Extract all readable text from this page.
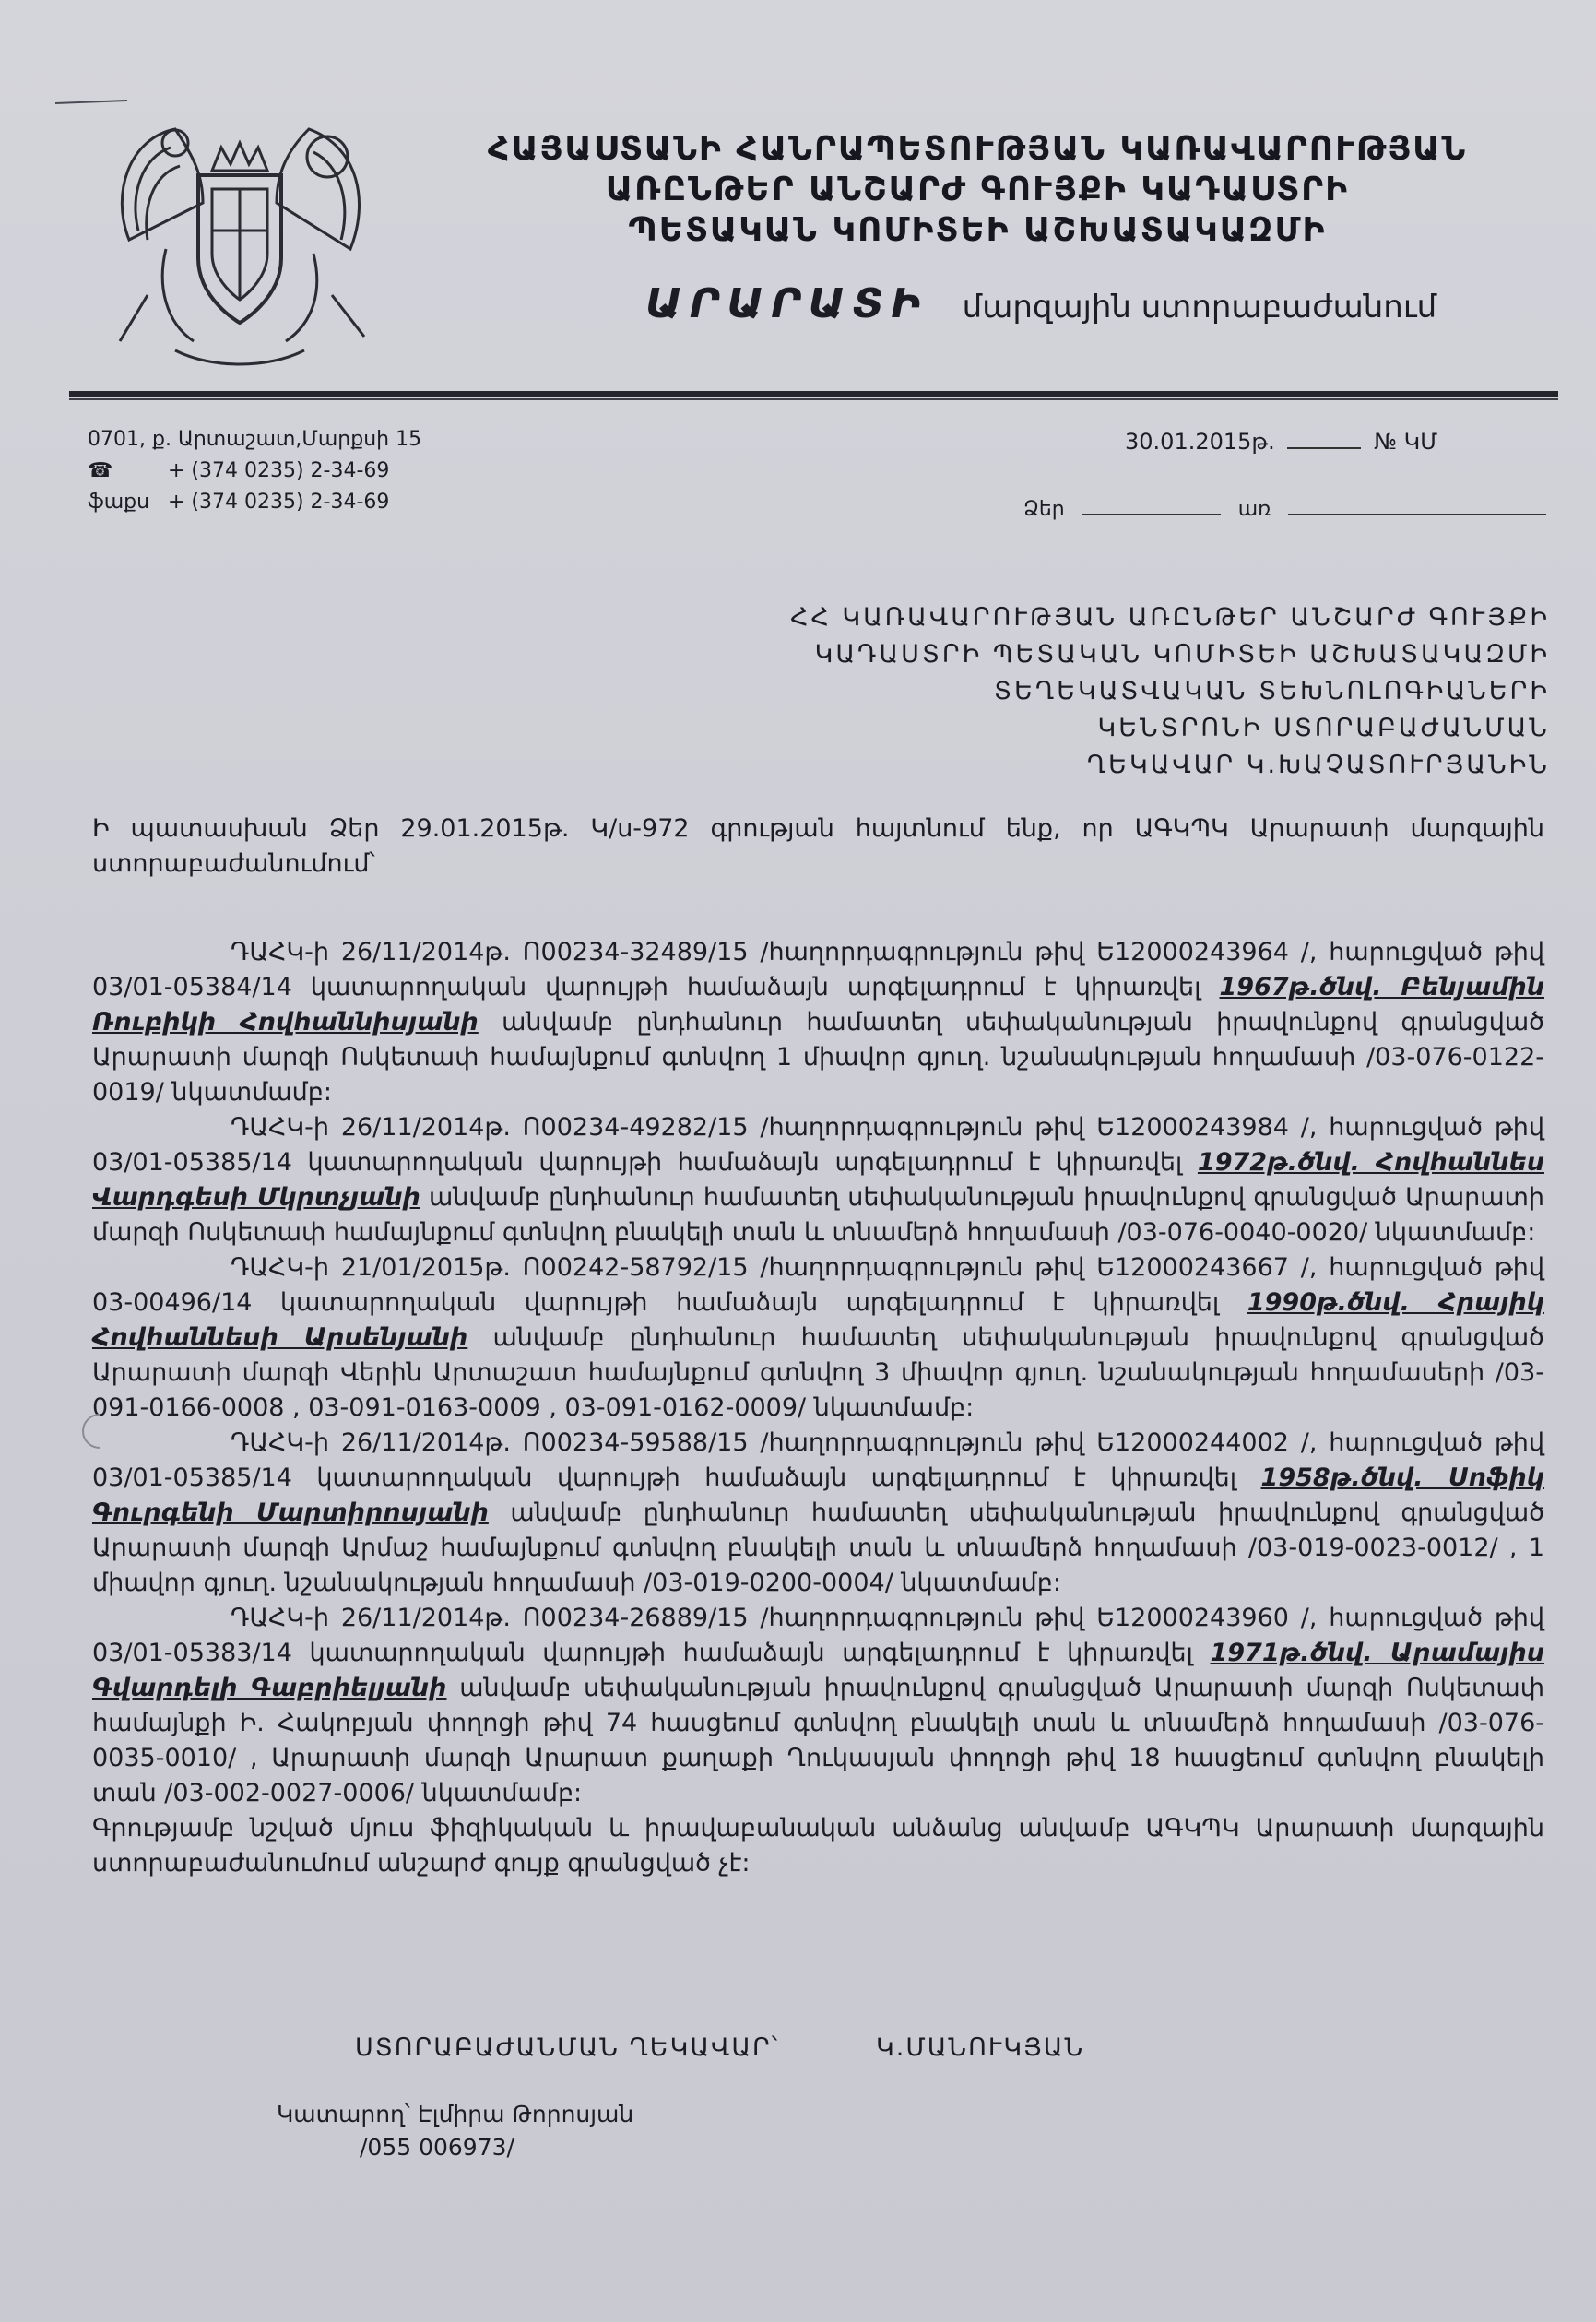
ՀԱՅԱՍՏԱՆԻ ՀԱՆՐԱՊԵՏՈՒԹՅԱՆ ԿԱՌԱՎԱՐՈՒԹՅԱՆ
ԱՌԸՆԹԵՐ ԱՆՇԱՐԺ ԳՈՒՅՔԻ ԿԱԴԱՍՏՐԻ
ՊԵՏԱԿԱՆ ԿՈՄԻՏԵԻ ԱՇԽԱՏԱԿԱԶՄԻ
ԱՐԱՐԱՏԻ մարզային ստորաբաժանում
0701, ք. Արտաշատ,Մարքսի 15
☎	+ (374 0235) 2-34-69
ֆաքս + (374 0235) 2-34-69
30.01.2015թ.	№ ԿՄ
Ձեր	առ
ՀՀ ԿԱՌԱՎԱՐՈՒԹՅԱՆ ԱՌԸՆԹԵՐ ԱՆՇԱՐԺ ԳՈՒՅՔԻ
ԿԱԴԱՍՏՐԻ ՊԵՏԱԿԱՆ ԿՈՄԻՏԵԻ ԱՇԽԱՏԱԿԱԶՄԻ
ՏԵՂԵԿԱՏՎԱԿԱՆ ՏԵԽՆՈԼՈԳԻԱՆԵՐԻ
ԿԵՆՏՐՈՆԻ ՍՏՈՐԱԲԱԺԱՆՄԱՆ
ՂԵԿԱՎԱՐ Կ.ԽԱՉԱՏՈՒՐՅԱՆԻՆ

Ի պատասխան Ձեր 29.01.2015թ. Կ/ս-972 գրության հայտնում ենք, որ ԱԳԿՊԿ Արարատի մարզային ստորաբաժանումում՝

ԴԱՀԿ-ի 26/11/2014թ. Ո00234-32489/15 /հաղորդագրություն թիվ Ե12000243964 /, հարուցված թիվ 03/01-05384/14 կատարողական վարույթի համաձայն արգելադրում է կիրառվել 1967թ.ծնվ. Բենյամին Ռուբիկի Հովհաննիսյանի անվամբ ընդհանուր համատեղ սեփականության իրավունքով գրանցված Արարատի մարզի Ոսկետափ համայնքում գտնվող 1 միավոր գյուղ. նշանակության հողամասի /03-076-0122-0019/ նկատմամբ:

ԴԱՀԿ-ի 26/11/2014թ. Ո00234-49282/15 /հաղորդագրություն թիվ Ե12000243984 /, հարուցված թիվ 03/01-05385/14 կատարողական վարույթի համաձայն արգելադրում է կիրառվել 1972թ.ծնվ. Հովհաննես Վարդգեսի Մկրտչյանի անվամբ ընդհանուր համատեղ սեփականության իրավունքով գրանցված Արարատի մարզի Ոսկետափ համայնքում գտնվող բնակելի տան և տնամերձ հողամասի /03-076-0040-0020/ նկատմամբ:

ԴԱՀԿ-ի 21/01/2015թ. Ո00242-58792/15 /հաղորդագրություն թիվ Ե12000243667 /, հարուցված թիվ 03-00496/14 կատարողական վարույթի համաձայն արգելադրում է կիրառվել 1990թ.ծնվ. Հրայիկ Հովհաննեսի Արսենյանի անվամբ ընդհանուր համատեղ սեփականության իրավունքով գրանցված Արարատի մարզի Վերին Արտաշատ համայնքում գտնվող 3 միավոր գյուղ. նշանակության հողամասերի /03-091-0166-0008 , 03-091-0163-0009 , 03-091-0162-0009/ նկատմամբ:

ԴԱՀԿ-ի 26/11/2014թ. Ո00234-59588/15 /հաղորդագրություն թիվ Ե12000244002 /, հարուցված թիվ 03/01-05385/14 կատարողական վարույթի համաձայն արգելադրում է կիրառվել 1958թ.ծնվ. Սոֆիկ Գուրգենի Մարտիրոսյանի անվամբ ընդհանուր համատեղ սեփականության իրավունքով գրանցված Արարատի մարզի Արմաշ համայնքում գտնվող բնակելի տան և տնամերձ հողամասի /03-019-0023-0012/ , 1 միավոր գյուղ. նշանակության հողամասի /03-019-0200-0004/ նկատմամբ:

ԴԱՀԿ-ի 26/11/2014թ. Ո00234-26889/15 /հաղորդագրություն թիվ Ե12000243960 /, հարուցված թիվ 03/01-05383/14 կատարողական վարույթի համաձայն արգելադրում է կիրառվել 1971թ.ծնվ. Արամայիս Գվարդելի Գաբրիելյանի անվամբ սեփականության իրավունքով գրանցված Արարատի մարզի Ոսկետափ համայնքի Ի. Հակոբյան փողոցի թիվ 74 հասցեում գտնվող բնակելի տան և տնամերձ հողամասի /03-076-0035-0010/ , Արարատի մարզի Արարատ քաղաքի Ղուկասյան փողոցի թիվ 18 հասցեում գտնվող բնակելի տան /03-002-0027-0006/ նկատմամբ:

Գրությամբ նշված մյուս ֆիզիկական և իրավաբանական անձանց անվամբ ԱԳԿՊԿ Արարատի մարզային ստորաբաժանումում անշարժ գույք գրանցված չէ:

ՍՏՈՐԱԲԱԺԱՆՄԱՆ ՂԵԿԱՎԱՐ՝	Կ.ՄԱՆՈՒԿՅԱՆ
Կատարող՝ Էլմիրա Թորոսյան
/055 006973/
